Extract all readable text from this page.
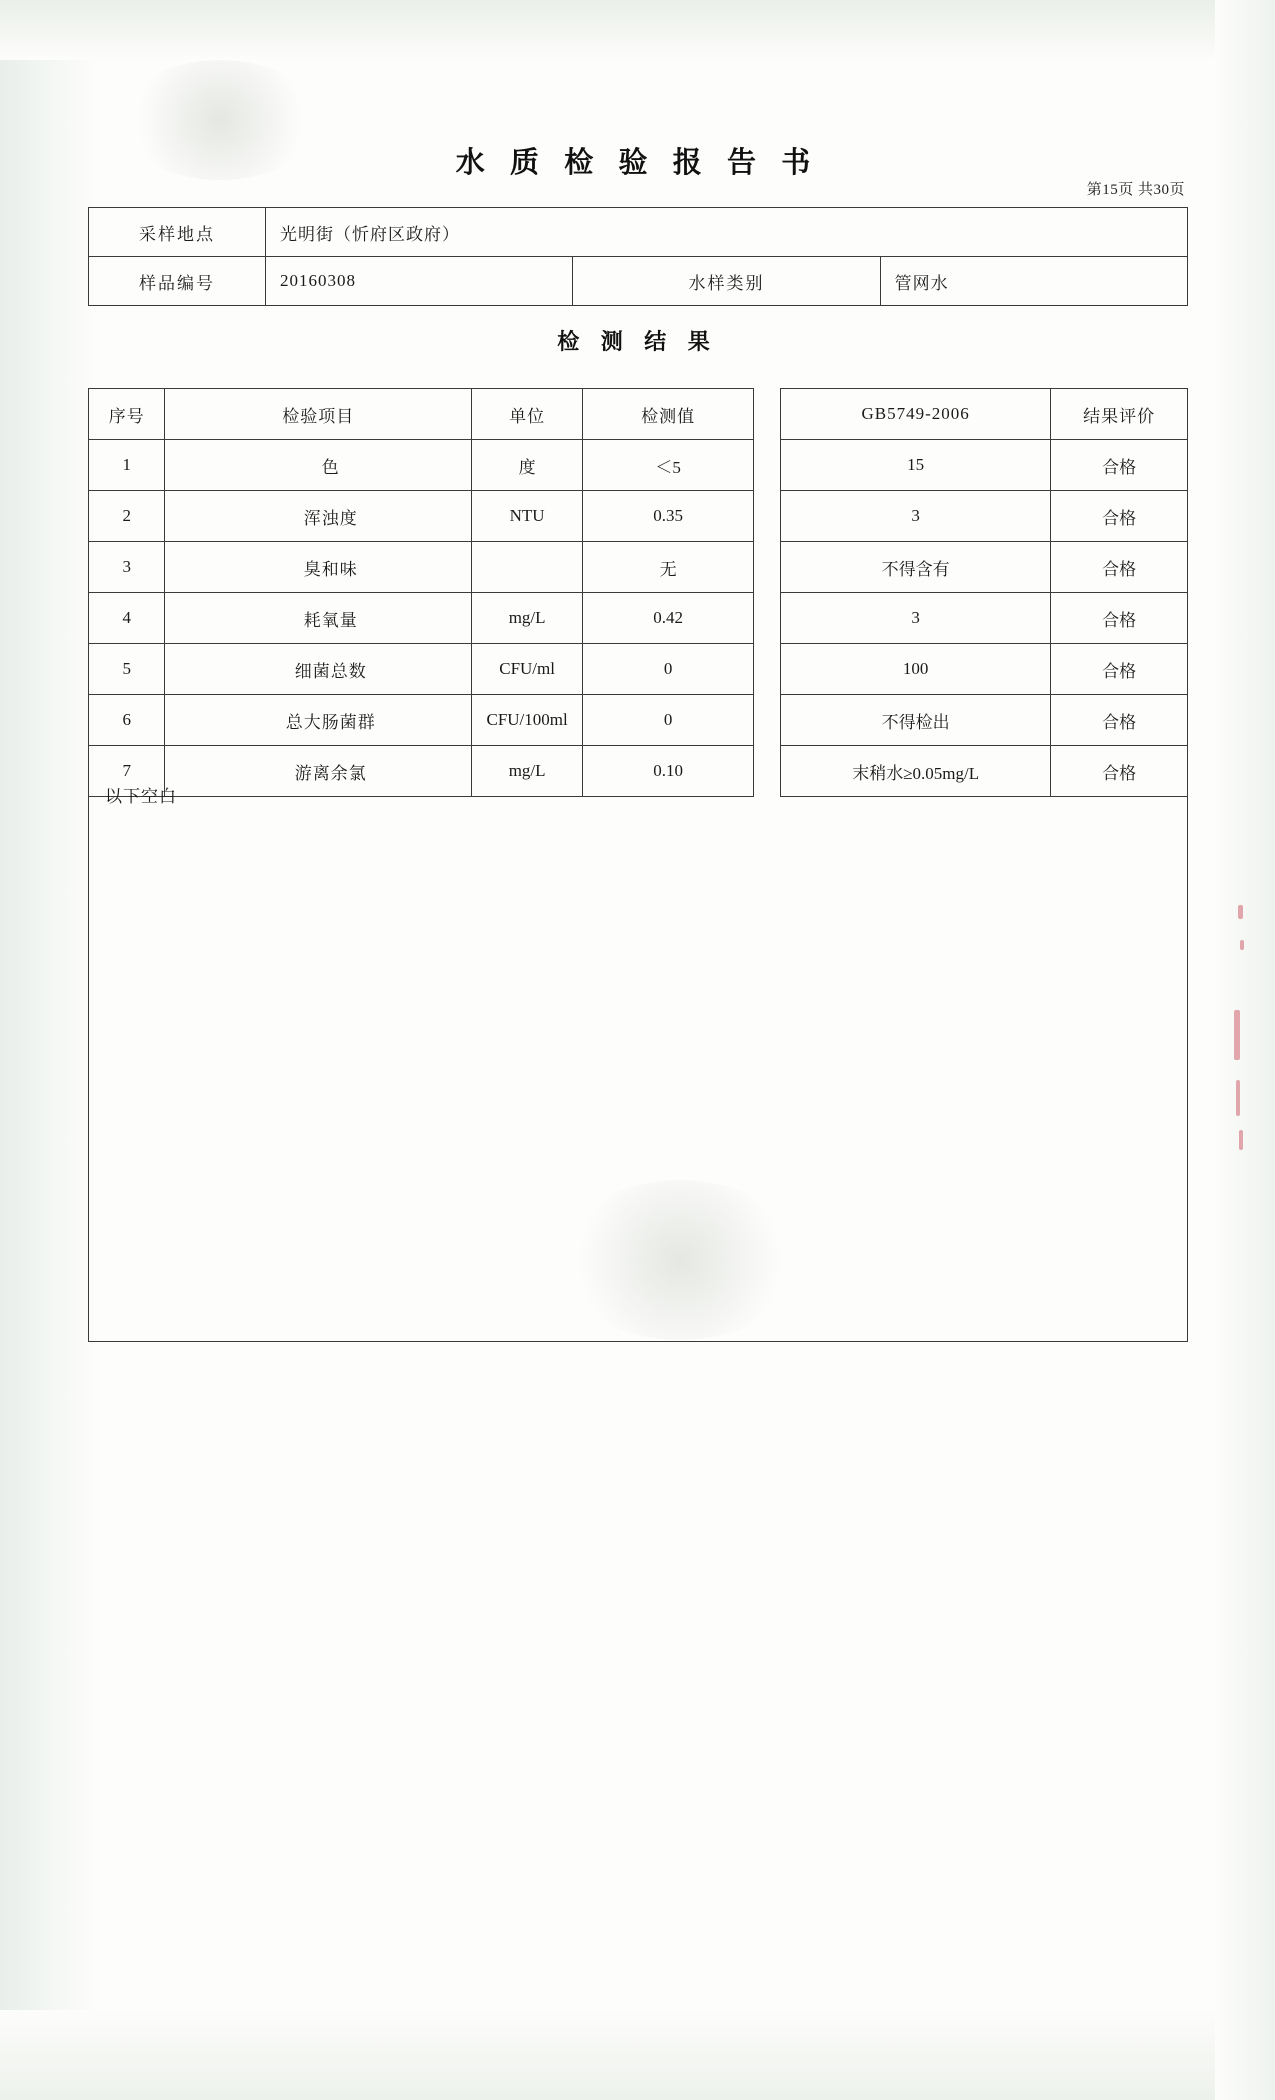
水 质 检 验 报 告 书
第15页 共30页
采样地点	光明街（忻府区政府）		
样品编号	20160308	水样类别	管网水
检 测 结 果
序号	检验项目	单位	检测值		GB5749-2006	结果评价
1	色	度	＜5		15	合格
2	浑浊度	NTU	0.35		3	合格
3	臭和味		无		不得含有	合格
4	耗氧量	mg/L	0.42		3	合格
5	细菌总数	CFU/ml	0		100	合格
6	总大肠菌群	CFU/100ml	0		不得检出	合格
7	游离余氯	mg/L	0.10		末稍水≥0.05mg/L	合格
以下空白
